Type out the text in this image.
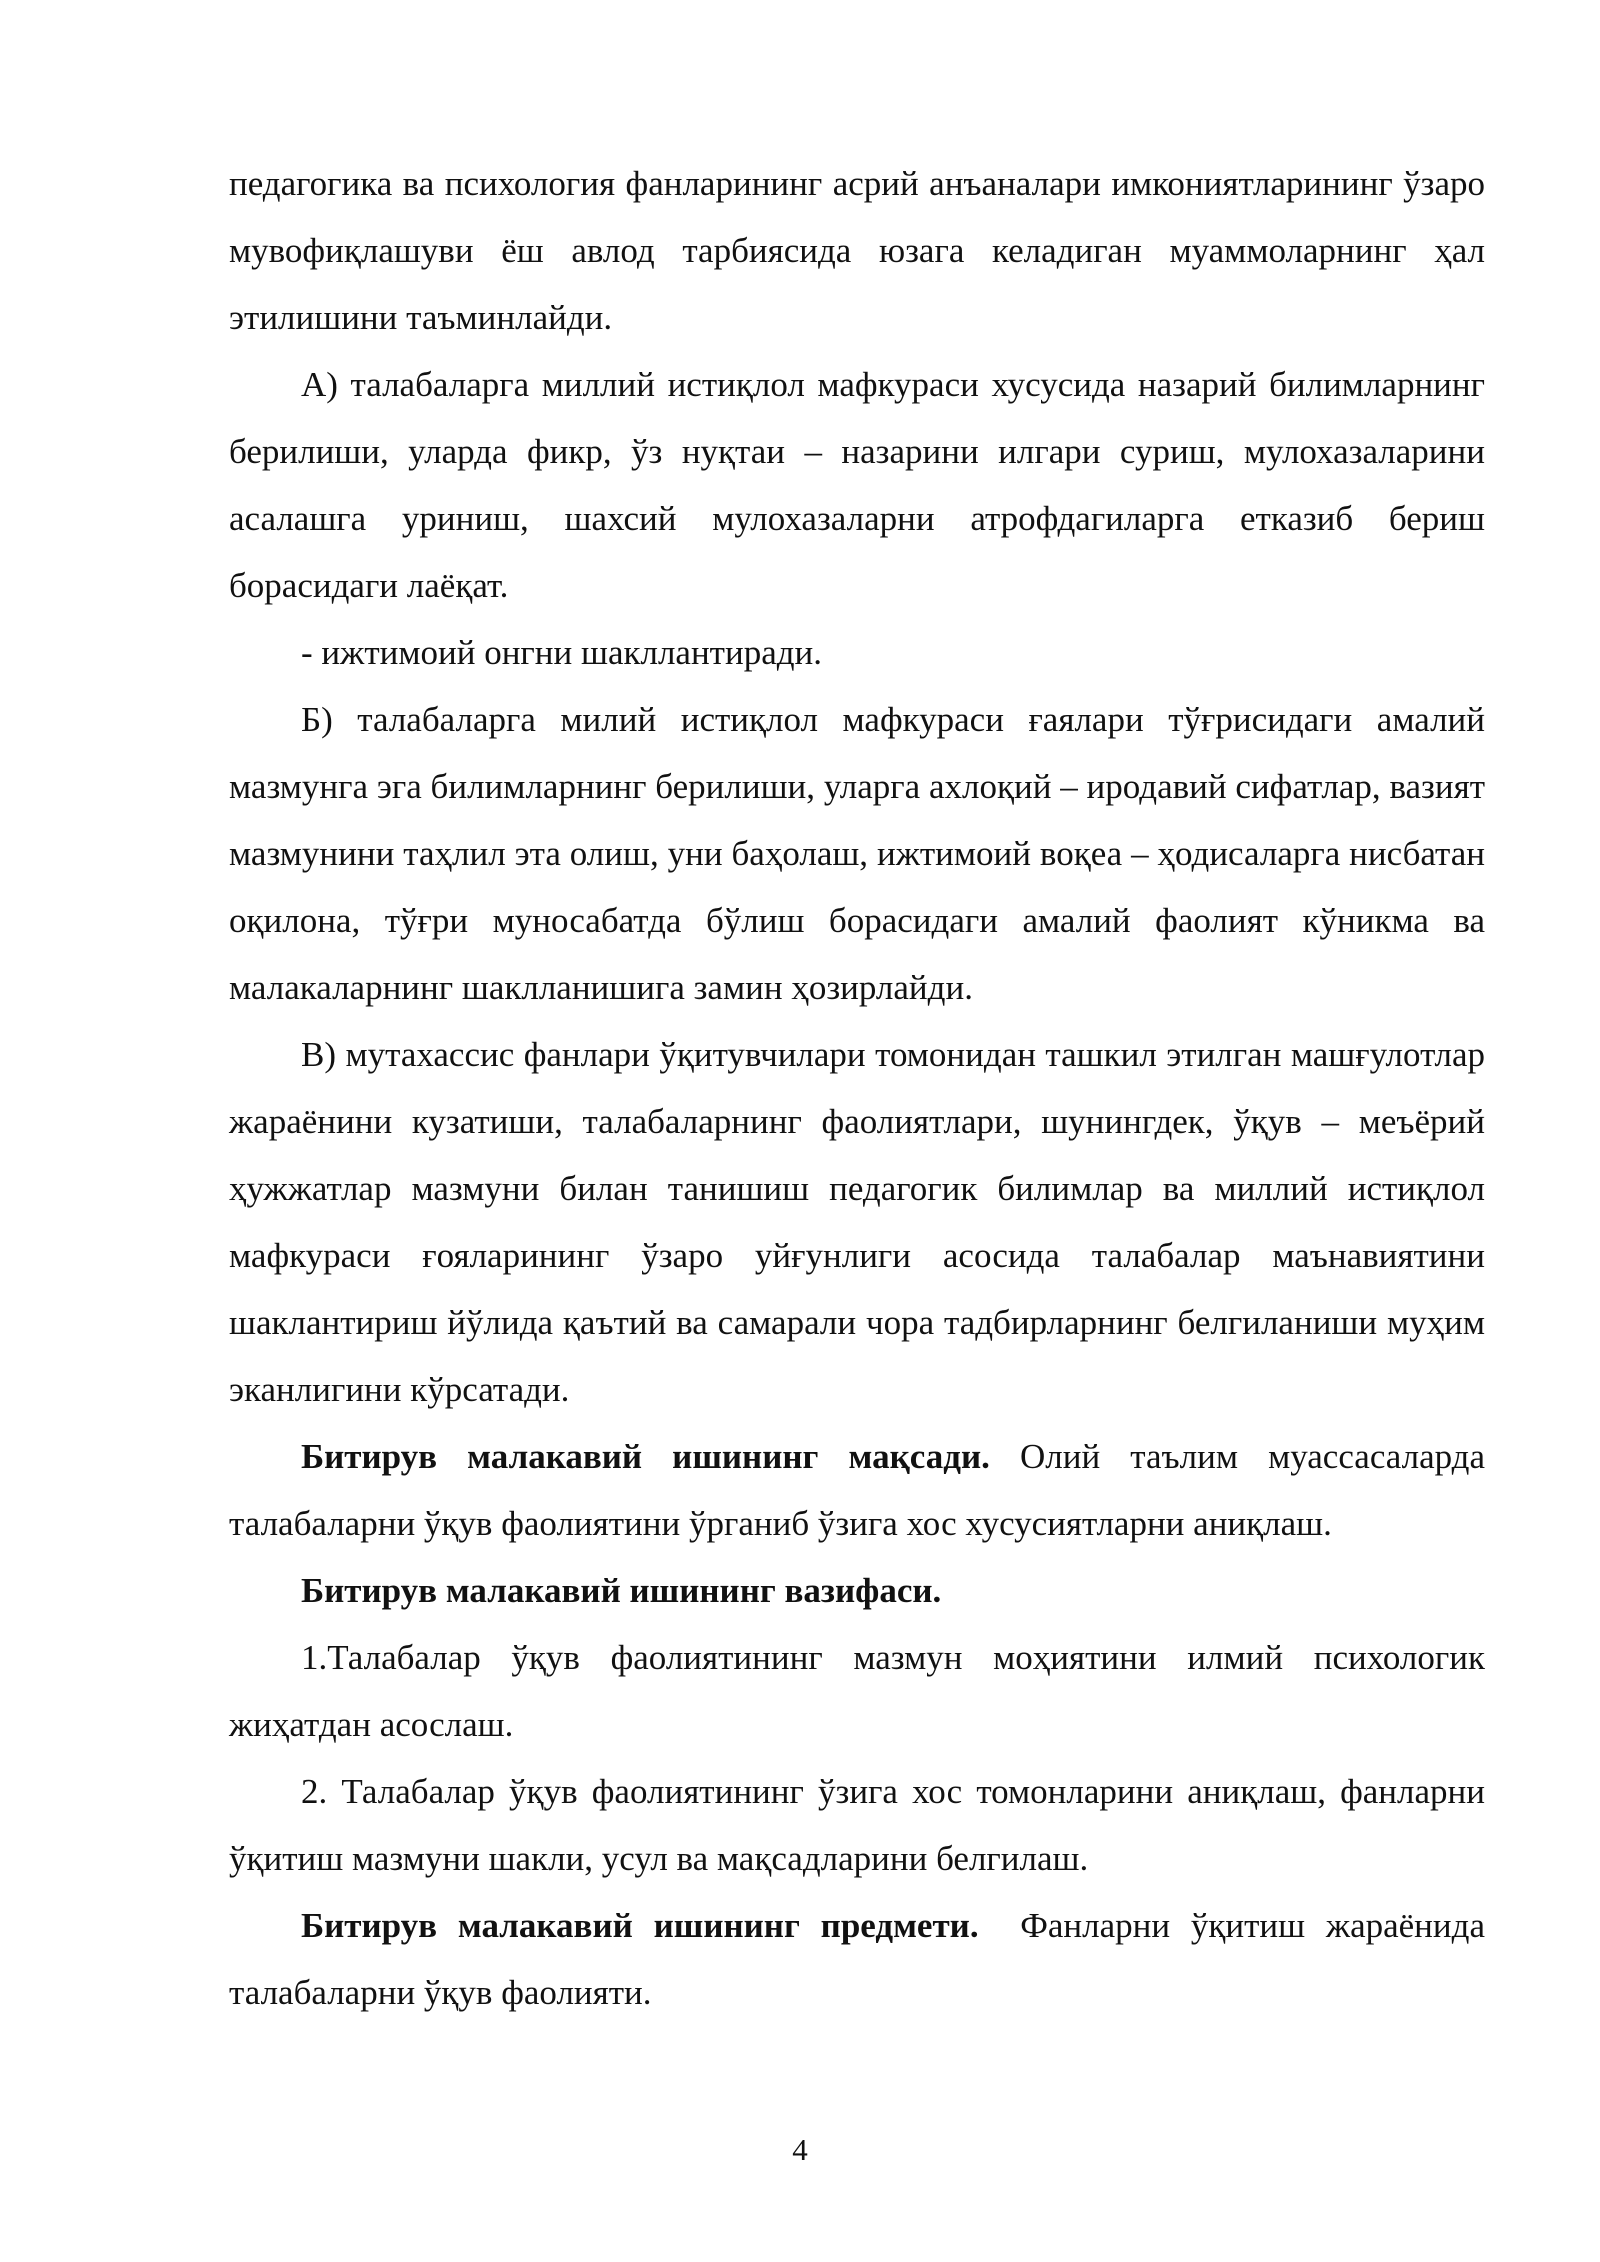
педагогика ва психология фанларининг асрий анъаналари имкониятларининг ўзаро мувофиқлашуви ёш авлод тарбиясида юзага келадиган муаммоларнинг ҳал этилишини таъминлайди.

А) талабаларга миллий истиқлол мафкураси хусусида назарий билимларнинг берилиши, уларда фикр, ўз нуқтаи – назарини илгари суриш, мулохазаларини асалашга уриниш, шахсий мулохазаларни атрофдагиларга етказиб бериш борасидаги лаёқат.

- ижтимоий онгни шакллантиради.

Б) талабаларга милий истиқлол мафкураси ғаялари тўғрисидаги амалий мазмунга эга билимларнинг берилиши, уларга ахлоқий – иродавий сифатлар, вазият мазмунини таҳлил эта олиш, уни баҳолаш, ижтимоий воқеа – ҳодисаларга нисбатан оқилона, тўғри муносабатда бўлиш борасидаги амалий фаолият кўникма ва малакаларнинг шаклланишига замин ҳозирлайди.

В) мутахассис фанлари ўқитувчилари томонидан ташкил этилган машғулотлар жараёнини кузатиши, талабаларнинг фаолиятлари, шунингдек, ўқув – меъёрий ҳужжатлар мазмуни билан танишиш педагогик билимлар ва миллий истиқлол мафкураси ғояларининг ўзаро уйғунлиги асосида талабалар маънавиятини шаклантириш йўлида қаътий ва самарали чора тадбирларнинг белгиланиши муҳим эканлигини кўрсатади.

Битирув малакавий ишининг мақсади. Олий таълим муассасаларда талабаларни ўқув фаолиятини ўрганиб ўзига хос хусусиятларни аниқлаш.

Битирув малакавий ишининг вазифаси.

1.Талабалар ўқув фаолиятининг мазмун моҳиятини илмий психологик жиҳатдан асослаш.

2. Талабалар ўқув фаолиятининг ўзига хос томонларини аниқлаш, фанларни ўқитиш мазмуни шакли, усул ва мақсадларини белгилаш.

Битирув малакавий ишининг предмети.  Фанларни ўқитиш жараёнида талабаларни ўқув фаолияти.

4
